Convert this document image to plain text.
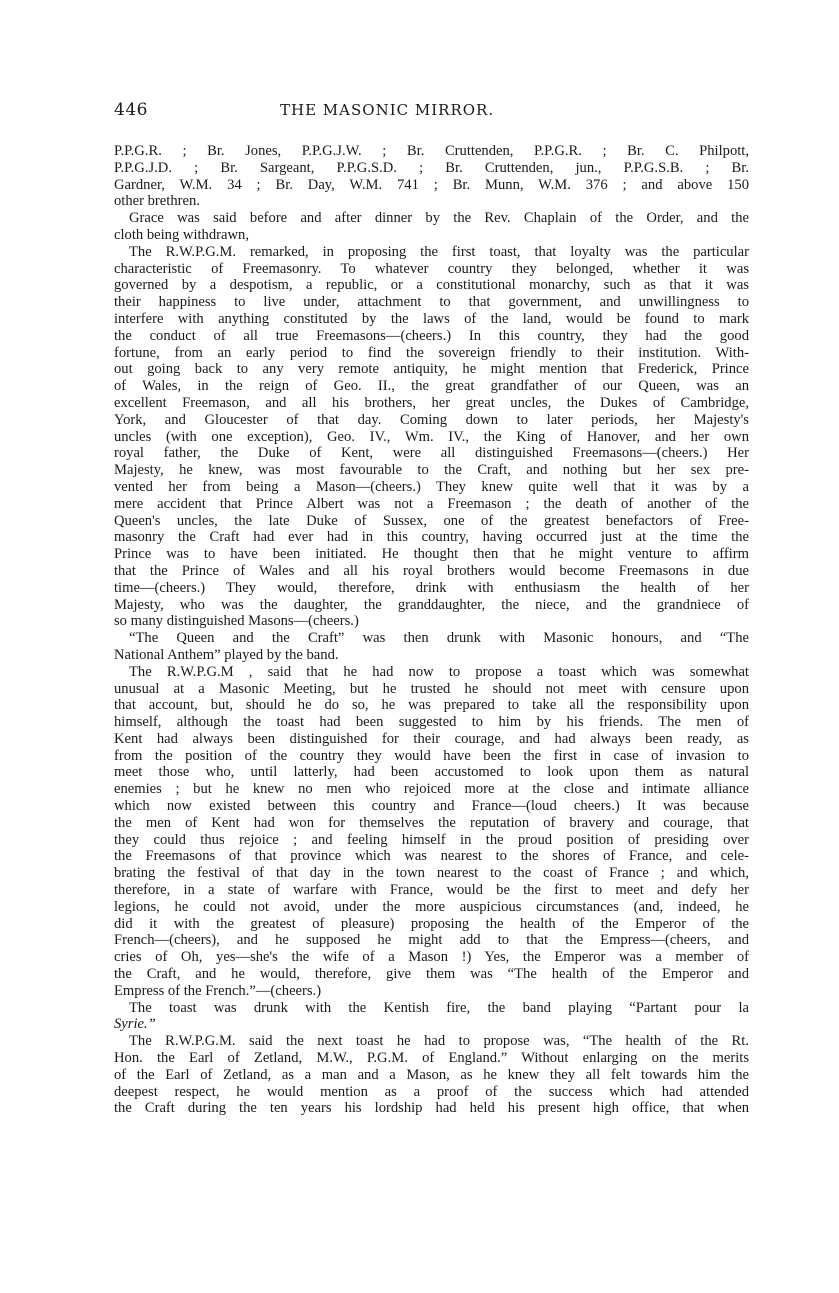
446	THE MASONIC MIRROR.
P.P.G.R. ; Br. Jones, P.P.G.J.W. ; Br. Cruttenden, P.P.G.R. ; Br. C. Philpott,
P.P.G.J.D. ; Br. Sargeant, P.P.G.S.D. ; Br. Cruttenden, jun., P.P.G.S.B. ; Br.
Gardner, W.M. 34 ; Br. Day, W.M. 741 ; Br. Munn, W.M. 376 ; and above 150
other brethren.
Grace was said before and after dinner by the Rev. Chaplain of the Order, and the
cloth being withdrawn,
The R.W.P.G.M. remarked, in proposing the first toast, that loyalty was the particular
characteristic of Freemasonry. To whatever country they belonged, whether it was
governed by a despotism, a republic, or a constitutional monarchy, such as that it was
their happiness to live under, attachment to that government, and unwillingness to
interfere with anything constituted by the laws of the land, would be found to mark
the conduct of all true Freemasons—(cheers.) In this country, they had the good
fortune, from an early period to find the sovereign friendly to their institution. With-
out going back to any very remote antiquity, he might mention that Frederick, Prince
of Wales, in the reign of Geo. II., the great grandfather of our Queen, was an
excellent Freemason, and all his brothers, her great uncles, the Dukes of Cambridge,
York, and Gloucester of that day. Coming down to later periods, her Majesty's
uncles (with one exception), Geo. IV., Wm. IV., the King of Hanover, and her own
royal father, the Duke of Kent, were all distinguished Freemasons—(cheers.) Her
Majesty, he knew, was most favourable to the Craft, and nothing but her sex pre-
vented her from being a Mason—(cheers.) They knew quite well that it was by a
mere accident that Prince Albert was not a Freemason ; the death of another of the
Queen's uncles, the late Duke of Sussex, one of the greatest benefactors of Free-
masonry the Craft had ever had in this country, having occurred just at the time the
Prince was to have been initiated. He thought then that he might venture to affirm
that the Prince of Wales and all his royal brothers would become Freemasons in due
time—(cheers.) They would, therefore, drink with enthusiasm the health of her
Majesty, who was the daughter, the granddaughter, the niece, and the grandniece of
so many distinguished Masons—(cheers.)
“The Queen and the Craft” was then drunk with Masonic honours, and “The
National Anthem” played by the band.
The R.W.P.G.M , said that he had now to propose a toast which was somewhat
unusual at a Masonic Meeting, but he trusted he should not meet with censure upon
that account, but, should he do so, he was prepared to take all the responsibility upon
himself, although the toast had been suggested to him by his friends. The men of
Kent had always been distinguished for their courage, and had always been ready, as
from the position of the country they would have been the first in case of invasion to
meet those who, until latterly, had been accustomed to look upon them as natural
enemies ; but he knew no men who rejoiced more at the close and intimate alliance
which now existed between this country and France—(loud cheers.) It was because
the men of Kent had won for themselves the reputation of bravery and courage, that
they could thus rejoice ; and feeling himself in the proud position of presiding over
the Freemasons of that province which was nearest to the shores of France, and cele-
brating the festival of that day in the town nearest to the coast of France ; and which,
therefore, in a state of warfare with France, would be the first to meet and defy her
legions, he could not avoid, under the more auspicious circumstances (and, indeed, he
did it with the greatest of pleasure) proposing the health of the Emperor of the
French—(cheers), and he supposed he might add to that the Empress—(cheers, and
cries of Oh, yes—she's the wife of a Mason !) Yes, the Emperor was a member of
the Craft, and he would, therefore, give them was “The health of the Emperor and
Empress of the French.”—(cheers.)
The toast was drunk with the Kentish fire, the band playing “Partant pour la
Syrie.”
The R.W.P.G.M. said the next toast he had to propose was, “The health of the Rt.
Hon. the Earl of Zetland, M.W., P.G.M. of England.” Without enlarging on the merits
of the Earl of Zetland, as a man and a Mason, as he knew they all felt towards him the
deepest respect, he would mention as a proof of the success which had attended
the Craft during the ten years his lordship had held his present high office, that when
